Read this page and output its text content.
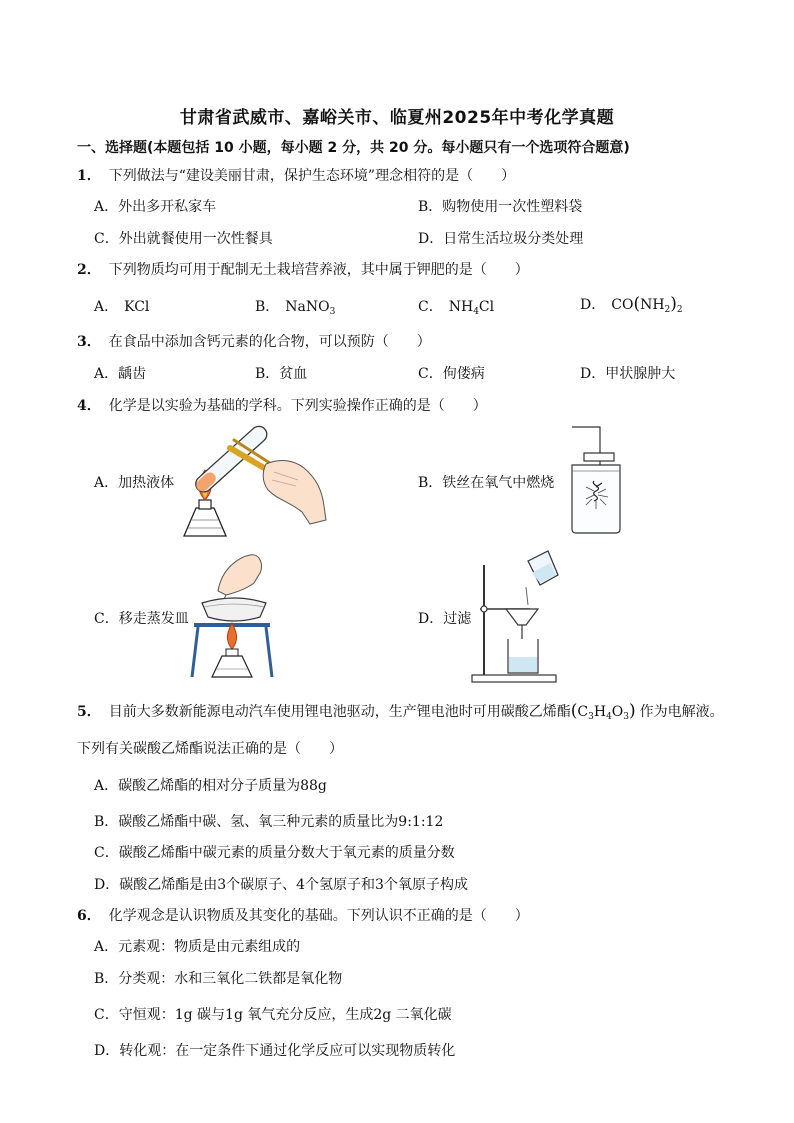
甘肃省武威市、嘉峪关市、临夏州2025年中考化学真题
一、选择题(本题包括 10 小题，每小题 2 分，共 20 分。每小题只有一个选项符合题意)
1． 下列做法与“建设美丽甘肃，保护生态环境”理念相符的是（　　）
A．外出多开私家车	B．购物使用一次性塑料袋
C．外出就餐使用一次性餐具	D．日常生活垃圾分类处理
2． 下列物质均可用于配制无土栽培营养液，其中属于钾肥的是（　　）
A． KCl	B． NaNO$_3$	C． $NH_4Cl$	D． $CO(NH_2)_2$
3． 在食品中添加含钙元素的化合物，可以预防（　　）
A．龋齿	B．贫血	C．佝偻病	D．甲状腺肿大
4． 化学是以实验为基础的学科。下列实验操作正确的是（　　）
A．加热液体	B．铁丝在氧气中燃烧
C．移走蒸发皿	D．过滤
5． 目前大多数新能源电动汽车使用锂电池驱动，生产锂电池时可用碳酸乙烯酯$(C_3H_4O_3)$ 作为电解液。
下列有关碳酸乙烯酯说法正确的是（　　）
A．碳酸乙烯酯的相对分子质量为88g
B．碳酸乙烯酯中碳、氢、氧三种元素的质量比为9:1:12
C．碳酸乙烯酯中碳元素的质量分数大于氧元素的质量分数
D．碳酸乙烯酯是由3个碳原子、4个氢原子和3个氧原子构成
6． 化学观念是认识物质及其变化的基础。下列认识不正确的是（　　）
A．元素观：物质是由元素组成的
B．分类观：水和三氧化二铁都是氧化物
C．守恒观：1g 碳与1g 氧气充分反应，生成2g 二氧化碳
D．转化观：在一定条件下通过化学反应可以实现物质转化
